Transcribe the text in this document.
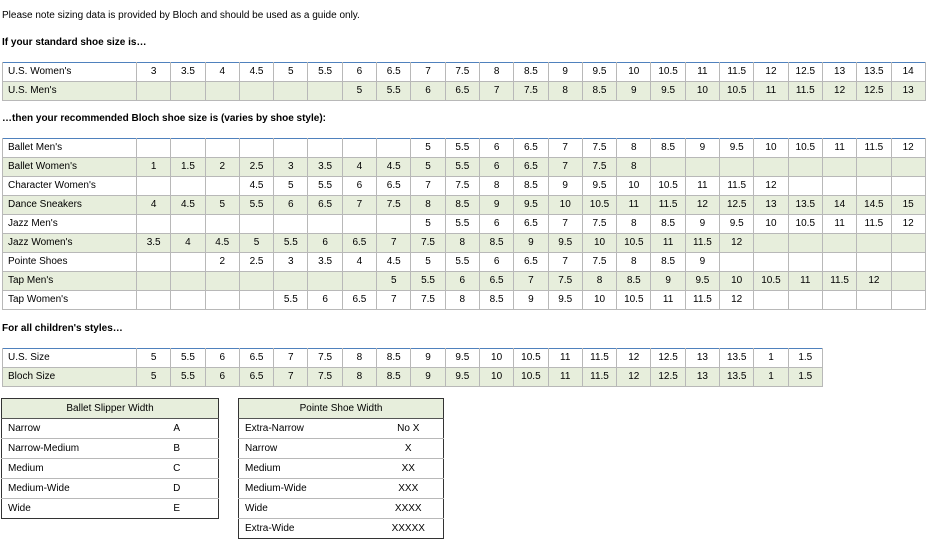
Please note sizing data is provided by Bloch and should be used as a guide only.
If your standard shoe size is…
U.S. Women's	3	3.5	4	4.5	5	5.5	6	6.5	7	7.5	8	8.5	9	9.5	10	10.5	11	11.5	12	12.5	13	13.5	14
U.S. Men's							5	5.5	6	6.5	7	7.5	8	8.5	9	9.5	10	10.5	11	11.5	12	12.5	13
…then your recommended Bloch shoe size is (varies by shoe style):
Ballet Men's									5	5.5	6	6.5	7	7.5	8	8.5	9	9.5	10	10.5	11	11.5	12
Ballet Women's	1	1.5	2	2.5	3	3.5	4	4.5	5	5.5	6	6.5	7	7.5	8								
Character Women's				4.5	5	5.5	6	6.5	7	7.5	8	8.5	9	9.5	10	10.5	11	11.5	12				
Dance Sneakers	4	4.5	5	5.5	6	6.5	7	7.5	8	8.5	9	9.5	10	10.5	11	11.5	12	12.5	13	13.5	14	14.5	15
Jazz Men's									5	5.5	6	6.5	7	7.5	8	8.5	9	9.5	10	10.5	11	11.5	12
Jazz Women's	3.5	4	4.5	5	5.5	6	6.5	7	7.5	8	8.5	9	9.5	10	10.5	11	11.5	12					
Pointe Shoes			2	2.5	3	3.5	4	4.5	5	5.5	6	6.5	7	7.5	8	8.5	9						
Tap Men's								5	5.5	6	6.5	7	7.5	8	8.5	9	9.5	10	10.5	11	11.5	12	
Tap Women's					5.5	6	6.5	7	7.5	8	8.5	9	9.5	10	10.5	11	11.5	12					
For all children's styles…
U.S. Size	5	5.5	6	6.5	7	7.5	8	8.5	9	9.5	10	10.5	11	11.5	12	12.5	13	13.5	1	1.5
Bloch Size	5	5.5	6	6.5	7	7.5	8	8.5	9	9.5	10	10.5	11	11.5	12	12.5	13	13.5	1	1.5
Ballet Slipper Width	
Narrow	A
Narrow-Medium	B
Medium	C
Medium-Wide	D
Wide	E
Pointe Shoe Width	
Extra-Narrow	No X
Narrow	X
Medium	XX
Medium-Wide	XXX
Wide	XXXX
Extra-Wide	XXXXX
